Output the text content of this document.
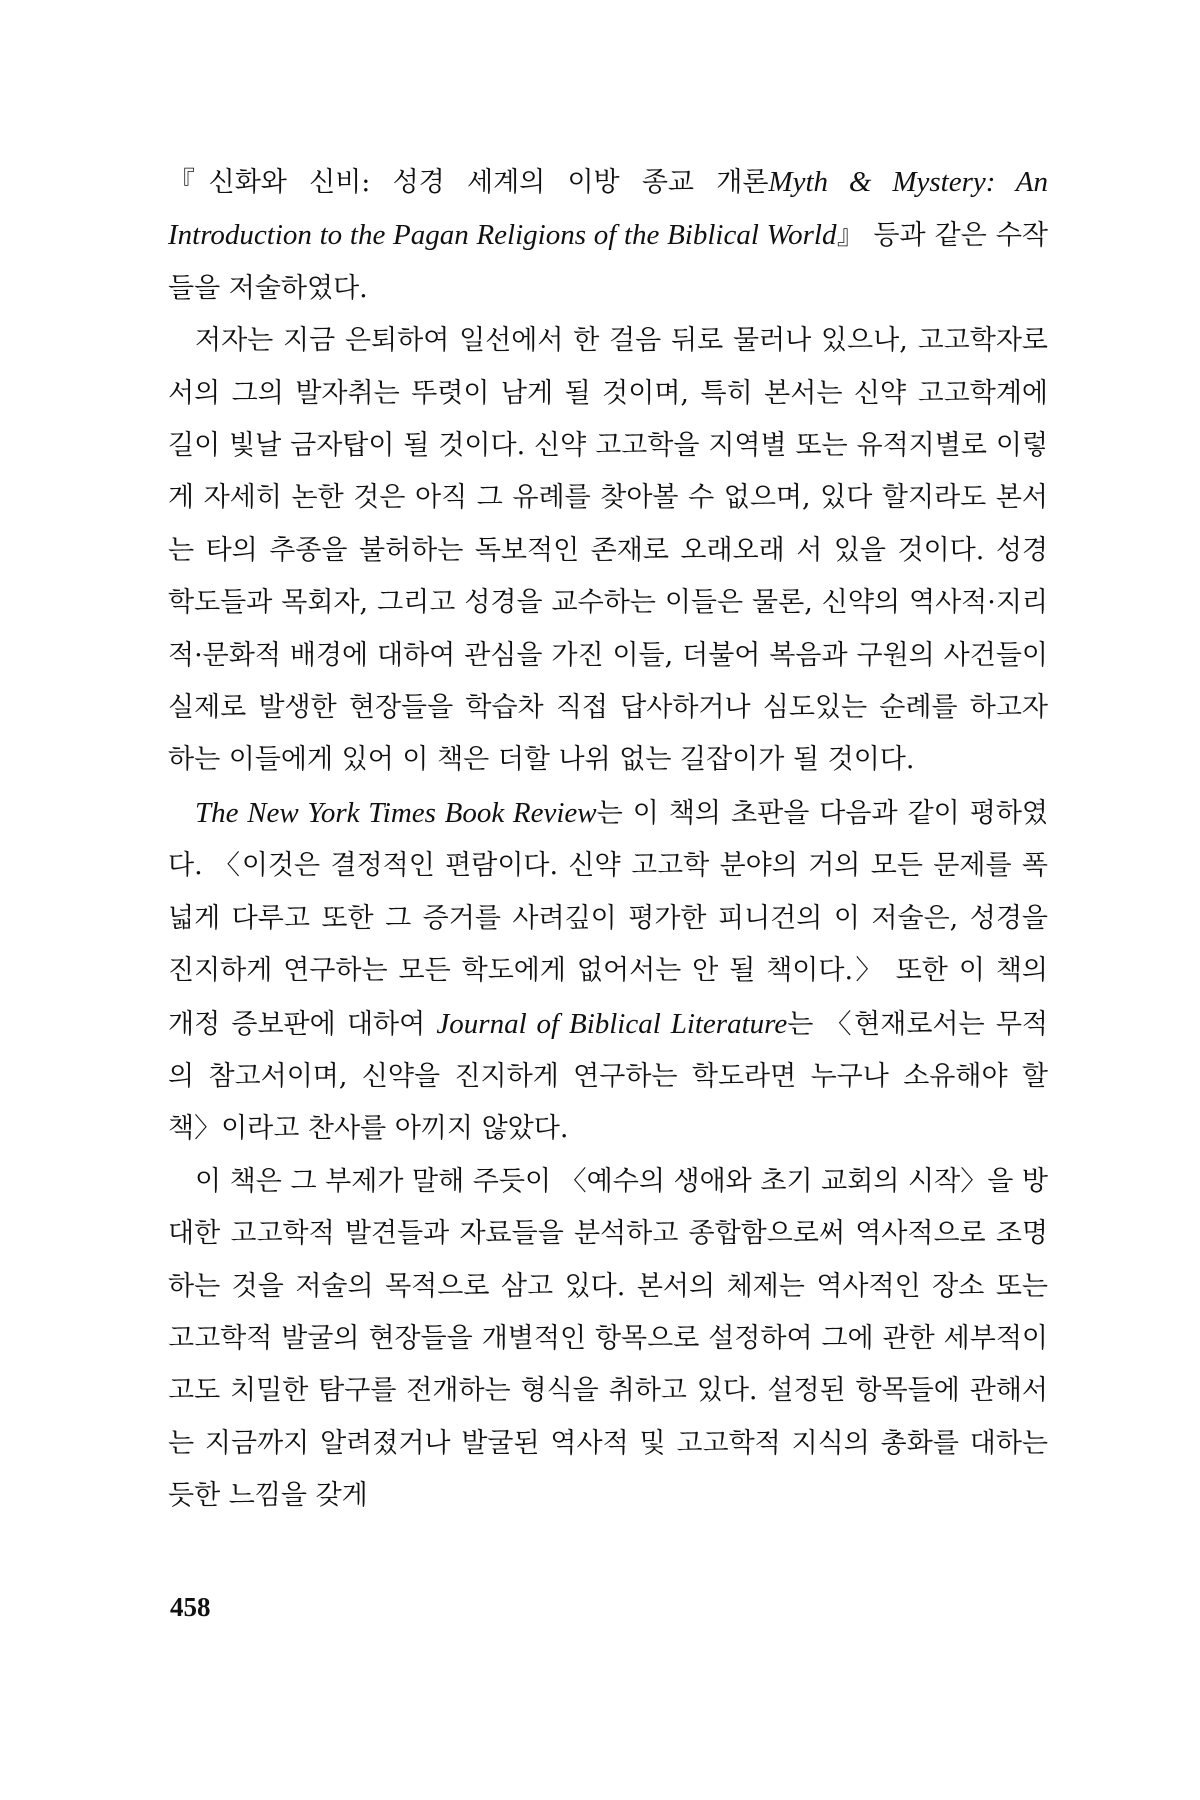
『신화와 신비: 성경 세계의 이방 종교 개론Myth & Mystery: An Introduction to the Pagan Religions of the Biblical World』 등과 같은 수작들을 저술하였다.

저자는 지금 은퇴하여 일선에서 한 걸음 뒤로 물러나 있으나, 고고학자로서의 그의 발자취는 뚜렷이 남게 될 것이며, 특히 본서는 신약 고고학계에 길이 빛날 금자탑이 될 것이다. 신약 고고학을 지역별 또는 유적지별로 이렇게 자세히 논한 것은 아직 그 유례를 찾아볼 수 없으며, 있다 할지라도 본서는 타의 추종을 불허하는 독보적인 존재로 오래오래 서 있을 것이다. 성경 학도들과 목회자, 그리고 성경을 교수하는 이들은 물론, 신약의 역사적·지리적·문화적 배경에 대하여 관심을 가진 이들, 더불어 복음과 구원의 사건들이 실제로 발생한 현장들을 학습차 직접 답사하거나 심도있는 순례를 하고자 하는 이들에게 있어 이 책은 더할 나위 없는 길잡이가 될 것이다.

The New York Times Book Review는 이 책의 초판을 다음과 같이 평하였다. 〈이것은 결정적인 편람이다. 신약 고고학 분야의 거의 모든 문제를 폭넓게 다루고 또한 그 증거를 사려깊이 평가한 피니건의 이 저술은, 성경을 진지하게 연구하는 모든 학도에게 없어서는 안 될 책이다.〉 또한 이 책의 개정 증보판에 대하여 Journal of Biblical Literature는 〈현재로서는 무적의 참고서이며, 신약을 진지하게 연구하는 학도라면 누구나 소유해야 할 책〉이라고 찬사를 아끼지 않았다.

이 책은 그 부제가 말해 주듯이 〈예수의 생애와 초기 교회의 시작〉을 방대한 고고학적 발견들과 자료들을 분석하고 종합함으로써 역사적으로 조명하는 것을 저술의 목적으로 삼고 있다. 본서의 체제는 역사적인 장소 또는 고고학적 발굴의 현장들을 개별적인 항목으로 설정하여 그에 관한 세부적이고도 치밀한 탐구를 전개하는 형식을 취하고 있다. 설정된 항목들에 관해서는 지금까지 알려졌거나 발굴된 역사적 및 고고학적 지식의 총화를 대하는 듯한 느낌을 갖게

458
